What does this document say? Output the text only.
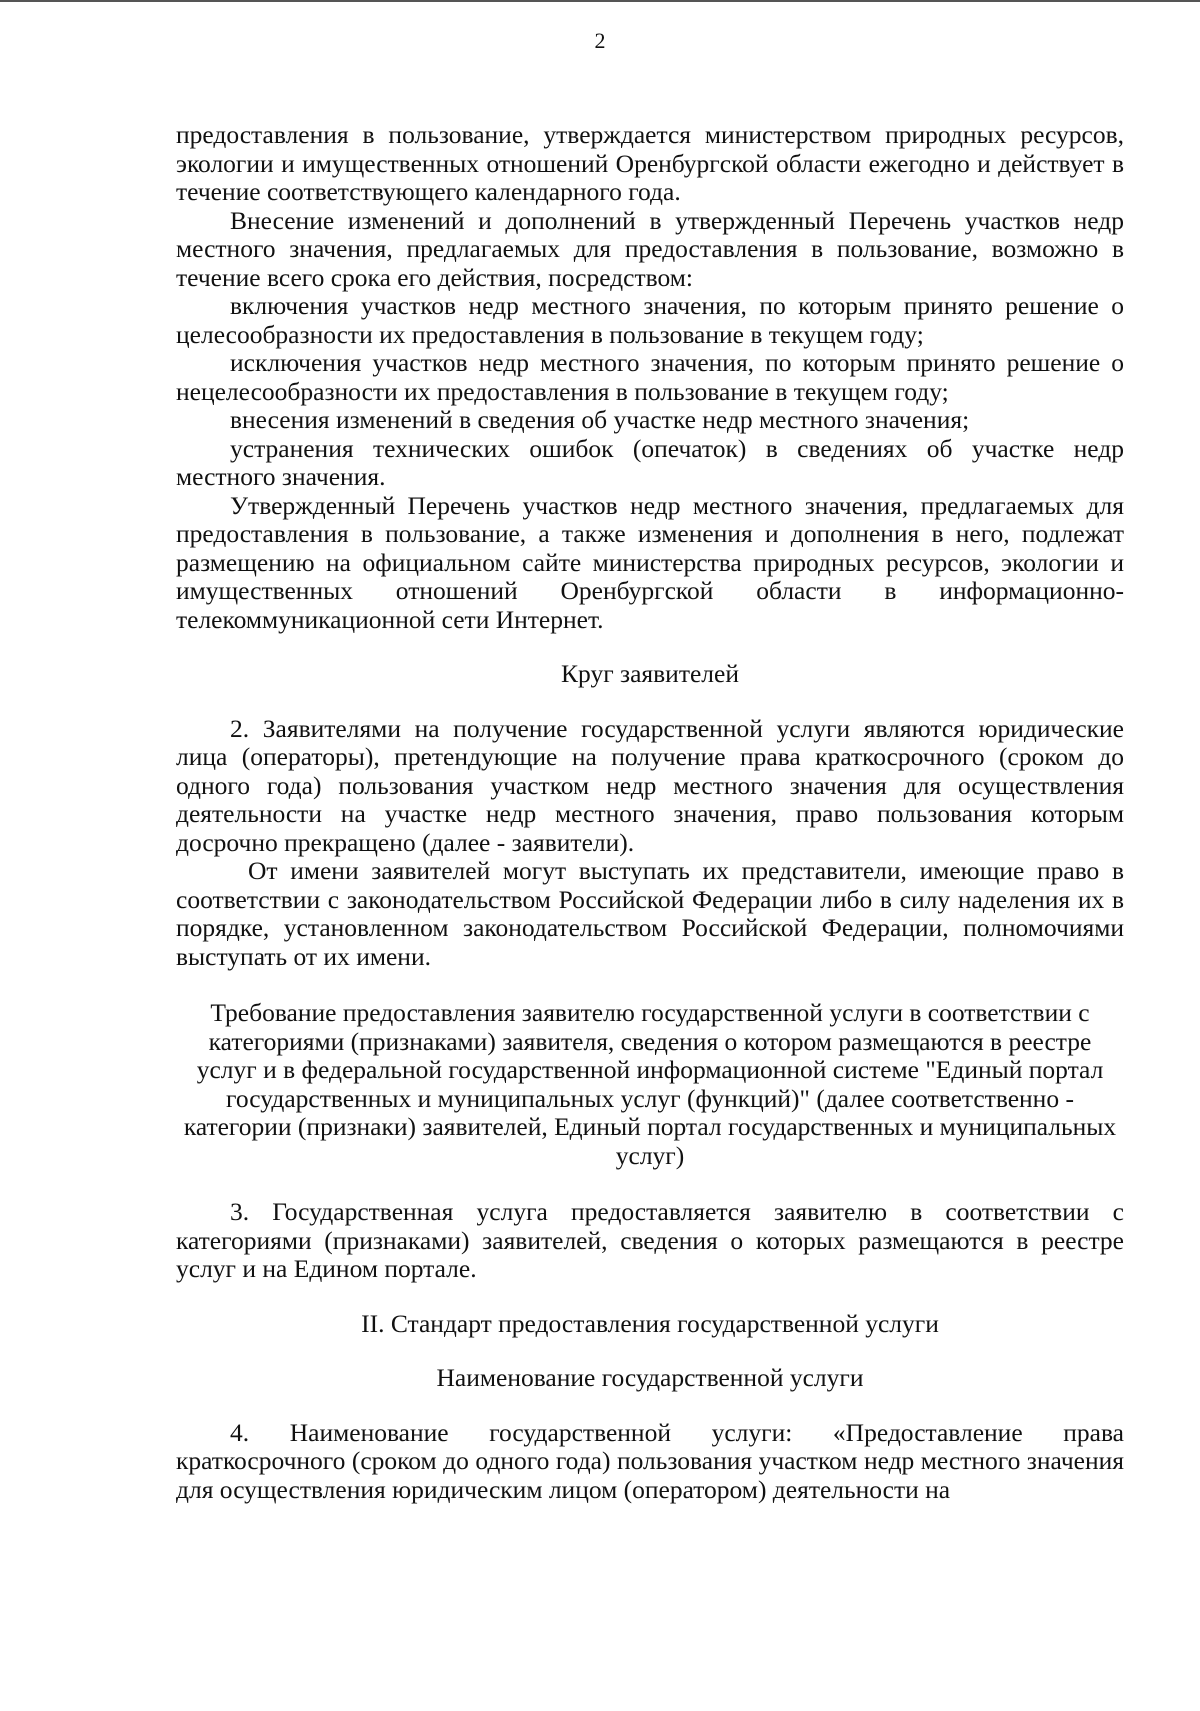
2

предоставления в пользование, утверждается министерством природных ресурсов, экологии и имущественных отношений Оренбургской области ежегодно и действует в течение соответствующего календарного года.

Внесение изменений и дополнений в утвержденный Перечень участков недр местного значения, предлагаемых для предоставления в пользование, возможно в течение всего срока его действия, посредством:

включения участков недр местного значения, по которым принято решение о целесообразности их предоставления в пользование в текущем году;

исключения участков недр местного значения, по которым принято решение о нецелесообразности их предоставления в пользование в текущем году;

внесения изменений в сведения об участке недр местного значения;

устранения технических ошибок (опечаток) в сведениях об участке недр местного значения.

Утвержденный Перечень участков недр местного значения, предлагаемых для предоставления в пользование, а также изменения и дополнения в него, подлежат размещению на официальном сайте министерства природных ресурсов, экологии и имущественных отношений Оренбургской области в информационно-телекоммуникационной сети Интернет.

Круг заявителей

2. Заявителями на получение государственной услуги являются юридические лица (операторы), претендующие на получение права краткосрочного (сроком до одного года) пользования участком недр местного значения для осуществления деятельности на участке недр местного значения, право пользования которым досрочно прекращено (далее - заявители).

От имени заявителей могут выступать их представители, имеющие право в соответствии с законодательством Российской Федерации либо в силу наделения их в порядке, установленном законодательством Российской Федерации, полномочиями выступать от их имени.

Требование предоставления заявителю государственной услуги в соответствии с категориями (признаками) заявителя, сведения о котором размещаются в реестре услуг и в федеральной государственной информационной системе "Единый портал государственных и муниципальных услуг (функций)" (далее соответственно - категории (признаки) заявителей, Единый портал государственных и муниципальных услуг)

3. Государственная услуга предоставляется заявителю в соответствии с категориями (признаками) заявителей, сведения о которых размещаются в реестре услуг и на Едином портале.

II. Стандарт предоставления государственной услуги

Наименование государственной услуги

4. Наименование государственной услуги: «Предоставление права краткосрочного (сроком до одного года) пользования участком недр местного значения для осуществления юридическим лицом (оператором) деятельности на
